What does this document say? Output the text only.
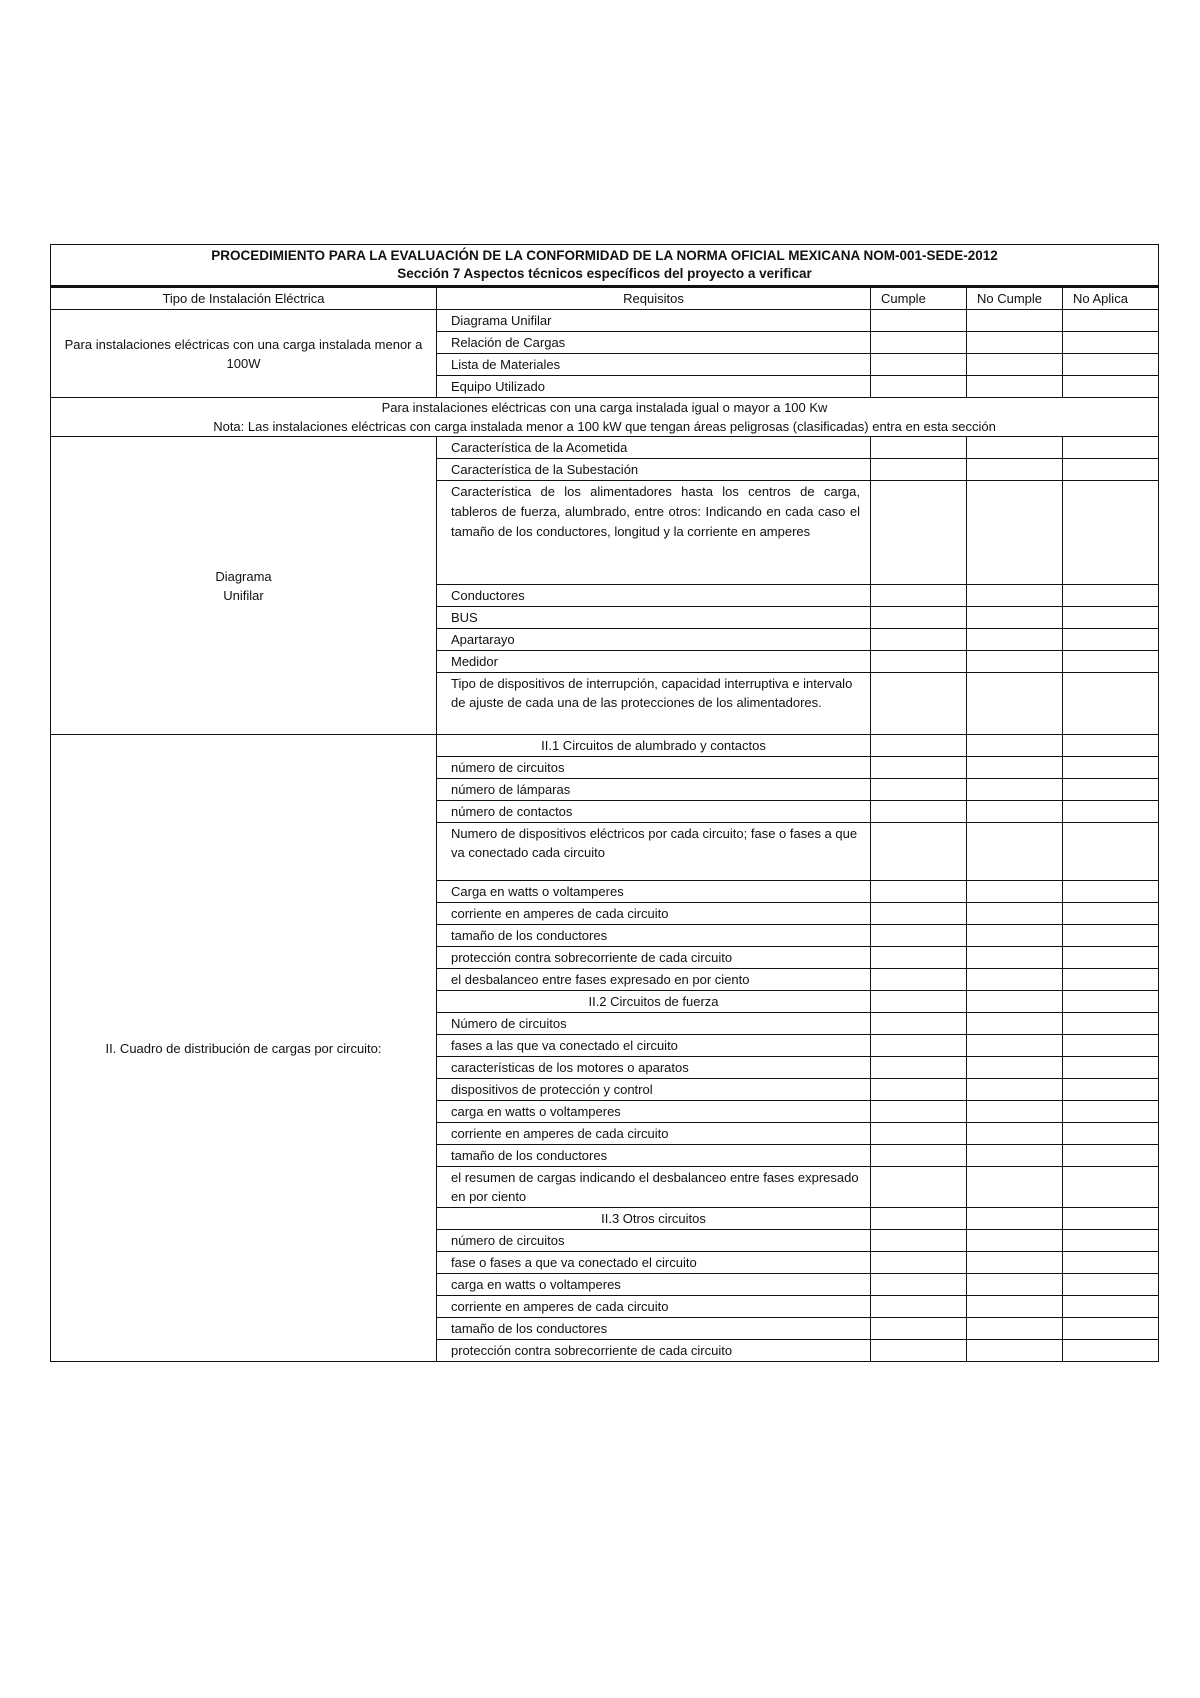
PROCEDIMIENTO PARA LA EVALUACIÓN DE LA CONFORMIDAD DE LA NORMA OFICIAL MEXICANA NOM-001-SEDE-2012
Sección 7 Aspectos técnicos específicos del proyecto a verificar				

Tipo de Instalación Eléctrica	Requisitos	Cumple	No Cumple	No Aplica
Para instalaciones eléctricas con una carga instalada menor a 100W	Diagrama Unifilar			
	Relación de Cargas			
	Lista de Materiales			
	Equipo Utilizado			

Para instalaciones eléctricas con una carga instalada igual o mayor a 100 Kw
Nota: Las instalaciones eléctricas con carga instalada menor a 100 kW que tengan áreas peligrosas (clasificadas) entra en esta sección				

Diagrama Unifilar	Característica de la Acometida			
	Característica de la Subestación			
	Característica de los alimentadores hasta los centros de carga, tableros de fuerza, alumbrado, entre otros: Indicando en cada caso el tamaño de los conductores, longitud y la corriente en amperes			
	Conductores			
	BUS			
	Apartarayo			
	Medidor			
	Tipo de dispositivos de interrupción, capacidad interruptiva e intervalo de ajuste de cada una de las protecciones de los alimentadores.			
II. Cuadro de distribución de cargas por circuito:	II.1 Circuitos de alumbrado y contactos			
	número de circuitos			
	número de lámparas			
	número de contactos			
	Numero de dispositivos eléctricos por cada circuito; fase o fases a que va conectado cada circuito			
	Carga en watts o voltamperes			
	corriente en amperes de cada circuito			
	tamaño de los conductores			
	protección contra sobrecorriente de cada circuito			
	el desbalanceo entre fases expresado en por ciento			
	II.2 Circuitos de fuerza			
	Número de circuitos			
	fases a las que va conectado el circuito			
	características de los motores o aparatos			
	dispositivos de protección y control			
	carga en watts o voltamperes			
	corriente en amperes de cada circuito			
	tamaño de los conductores			
	el resumen de cargas indicando el desbalanceo entre fases expresado en por ciento			
	II.3 Otros circuitos			
	número de circuitos			
	fase o fases a que va conectado el circuito			
	carga en watts o voltamperes			
	corriente en amperes de cada circuito			
	tamaño de los conductores			
	protección contra sobrecorriente de cada circuito			
